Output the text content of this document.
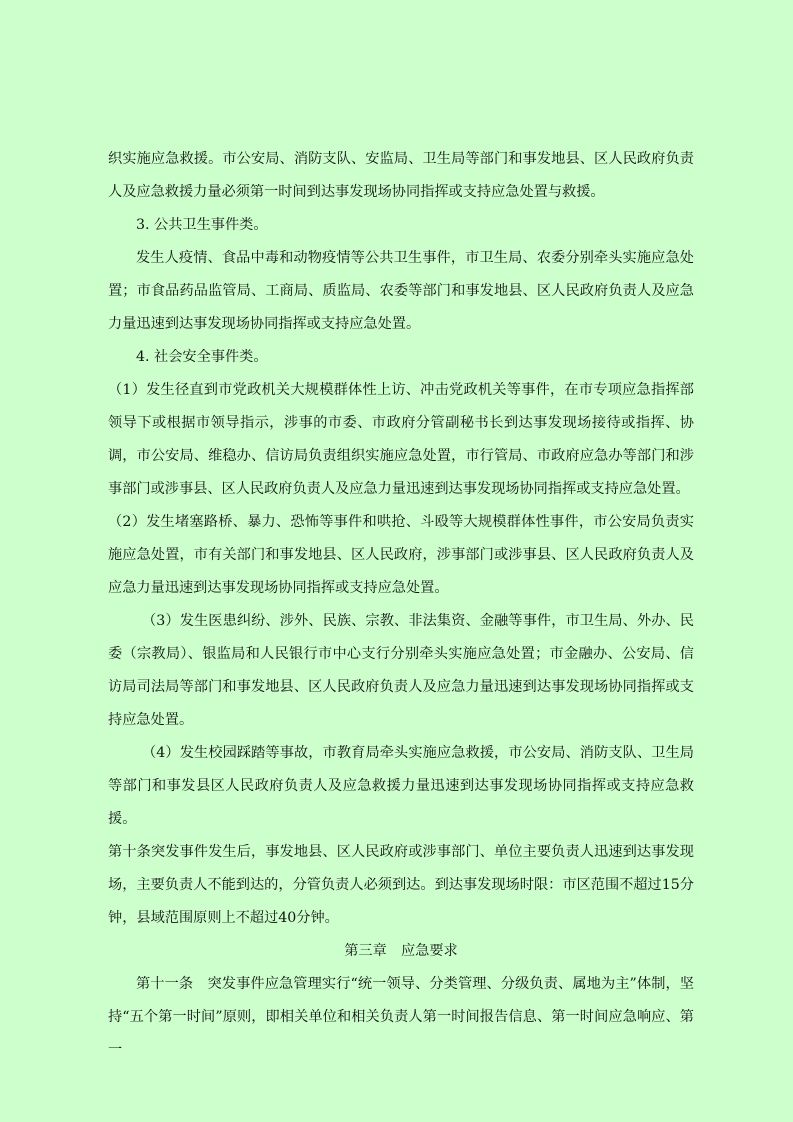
织实施应急救援。市公安局、消防支队、安监局、卫生局等部门和事发地县、区人民政府负责人及应急救援力量必须第一时间到达事发现场协同指挥或支持应急处置与救援。

3. 公共卫生事件类。

发生人疫情、食品中毒和动物疫情等公共卫生事件，市卫生局、农委分别牵头实施应急处置；市食品药品监管局、工商局、质监局、农委等部门和事发地县、区人民政府负责人及应急力量迅速到达事发现场协同指挥或支持应急处置。

4. 社会安全事件类。

（1）发生径直到市党政机关大规模群体性上访、冲击党政机关等事件，在市专项应急指挥部领导下或根据市领导指示，涉事的市委、市政府分管副秘书长到达事发现场接待或指挥、协调，市公安局、维稳办、信访局负责组织实施应急处置，市行管局、市政府应急办等部门和涉事部门或涉事县、区人民政府负责人及应急力量迅速到达事发现场协同指挥或支持应急处置。

（2）发生堵塞路桥、暴力、恐怖等事件和哄抢、斗殴等大规模群体性事件，市公安局负责实施应急处置，市有关部门和事发地县、区人民政府，涉事部门或涉事县、区人民政府负责人及应急力量迅速到达事发现场协同指挥或支持应急处置。

（3）发生医患纠纷、涉外、民族、宗教、非法集资、金融等事件，市卫生局、外办、民委（宗教局）、银监局和人民银行市中心支行分别牵头实施应急处置；市金融办、公安局、信访局司法局等部门和事发地县、区人民政府负责人及应急力量迅速到达事发现场协同指挥或支持应急处置。

（4）发生校园踩踏等事故，市教育局牵头实施应急救援，市公安局、消防支队、卫生局等部门和事发县区人民政府负责人及应急救援力量迅速到达事发现场协同指挥或支持应急救援。

第十条突发事件发生后，事发地县、区人民政府或涉事部门、单位主要负责人迅速到达事发现场，主要负责人不能到达的，分管负责人必须到达。到达事发现场时限：市区范围不超过15分钟，县域范围原则上不超过40分钟。

第三章　应急要求

第十一条　突发事件应急管理实行“统一领导、分类管理、分级负责、属地为主”体制，坚持“五个第一时间”原则，即相关单位和相关负责人第一时间报告信息、第一时间应急响应、第一
